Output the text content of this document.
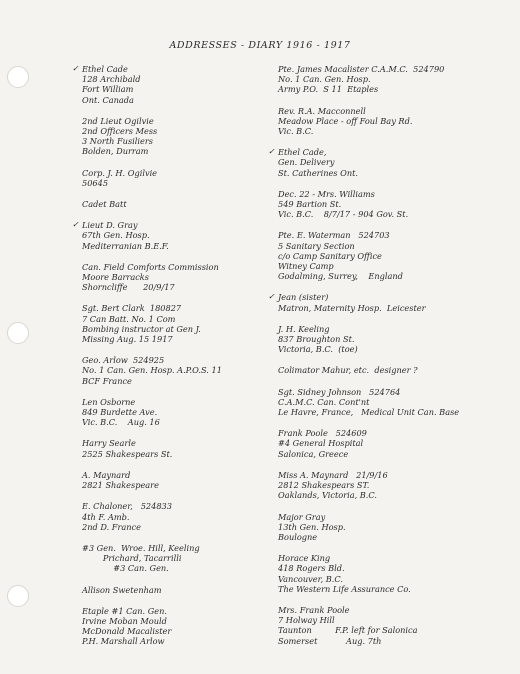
ADDRESSES - DIARY 1916 - 1917
✓ Ethel Cade
128 Archibald
Fort William
Ont. Canada
2nd Lieut Ogilvie
2nd Officers Mess
3 North Fusiliers
Bolden, Durram
Corp. J. H. Ogilvie
50645
Cadet Batt
✓ Lieut D. Gray
67th Gen. Hosp.
Mediterranian B.E.F.
Can. Field Comforts Commission
Moore Barracks
Shorncliffe      20/9/17
Sgt. Bert Clark  180827
7 Can Batt. No. 1 Com
Bombing instructor at Gen J.
Missing Aug. 15 1917
Geo. Arlow  524925
No. 1 Can. Gen. Hosp. A.P.O.S. 11
BCF France
Len Osborne
849 Burdette Ave.
Vic. B.C.    Aug. 16
Harry Searle
2525 Shakespears St.
A. Maynard
2821 Shakespeare
E. Chaloner,   524833
4th F. Amb.
2nd D. France
#3 Gen.  Wroe. Hill, Keeling
Prichard, Tacarrilli
#3 Can. Gen.
Allison Swetenham
Etaple #1 Can. Gen.
Irvine Moban Mould
McDonald Macalister
P.H. Marshall Arlow
Pte. James Macalister C.A.M.C.  524790
No. 1 Can. Gen. Hosp.
Army P.O.  S 11  Etaples
Rev. R.A. Macconnell
Meadow Place - off Foul Bay Rd.
Vic. B.C.
✓ Ethel Cade,
Gen. Delivery
St. Catherines Ont.
Dec. 22 - Mrs. Williams
549 Bartion St.
Vic. B.C.    8/7/17 - 904 Gov. St.
Pte. E. Waterman   524703
5 Sanitary Section
c/o Camp Sanitary Office
Witney Camp
Godalming, Surrey,    England
✓ Jean (sister)
Matron, Maternity Hosp.  Leicester
J. H. Keeling
837 Broughton St.
Victoria, B.C.  (toe)
Colimator Mahur, etc.  designer ?
Sgt. Sidney Johnson   524764
C.A.M.C. Can. Cont'nt
Le Havre, France,   Medical Unit Can. Base
Frank Poole   524609
#4 General Hospital
Salonica, Greece
Miss A. Maynard   21/9/16
2812 Shakespears ST.
Oaklands, Victoria, B.C.
Major Gray
13th Gen. Hosp.
Boulogne
Horace King
418 Rogers Bld.
Vancouver, B.C.
The Western Life Assurance Co.
Mrs. Frank Poole
7 Holway Hill
Taunton         F.P. left for Salonica
Somerset           Aug. 7th
